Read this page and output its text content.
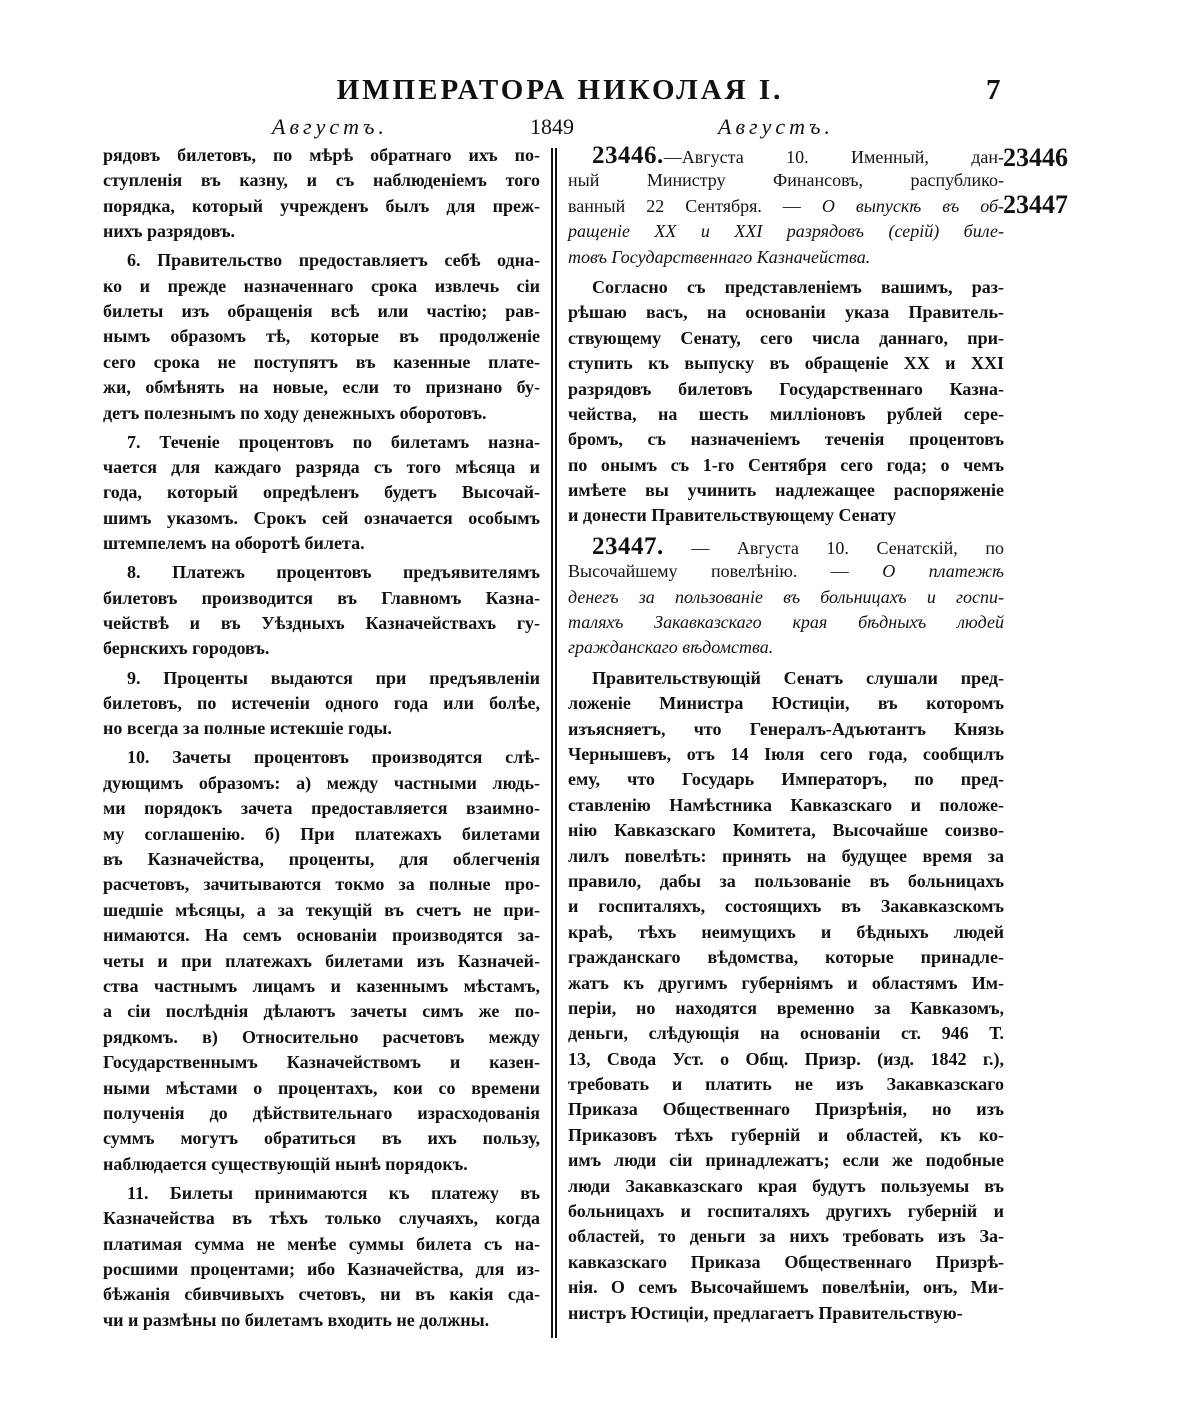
ИМПЕРАТОРА НИКОЛАЯ I.	7
Августъ.	1849	Августъ.
23446
23447
рядовъ билетовъ, по мѣрѣ обратнаго ихъ по-
ступленія въ казну, и съ наблюденіемъ того
порядка, который учрежденъ былъ для преж-
нихъ разрядовъ.
6. Правительство предоставляетъ себѣ одна-
ко и прежде назначеннаго срока извлечь сіи
билеты изъ обращенія всѣ или частію; рав-
нымъ образомъ тѣ, которые въ продолженіе
сего срока не поступятъ въ казенные плате-
жи, обмѣнять на новые, если то признано бу-
детъ полезнымъ по ходу денежныхъ оборотовъ.
7. Теченіе процентовъ по билетамъ назна-
чается для каждаго разряда съ того мѣсяца и
года, который опредѣленъ будетъ Высочай-
шимъ указомъ. Срокъ сей означается особымъ
штемпелемъ на оборотѣ билета.
8. Платежъ процентовъ предъявителямъ
билетовъ производится въ Главномъ Казна-
чействѣ и въ Уѣздныхъ Казначействахъ гу-
бернскихъ городовъ.
9. Проценты выдаются при предъявленіи
билетовъ, по истеченіи одного года или болѣе,
но всегда за полные истекшіе годы.
10. Зачеты процентовъ производятся слѣ-
дующимъ образомъ: а) между частными людь-
ми порядокъ зачета предоставляется взаимно-
му соглашенію. б) При платежахъ билетами
въ Казначейства, проценты, для облегченія
расчетовъ, зачитываются токмо за полные про-
шедшіе мѣсяцы, а за текущій въ счетъ не при-
нимаются. На семъ основаніи производятся за-
четы и при платежахъ билетами изъ Казначей-
ства частнымъ лицамъ и казеннымъ мѣстамъ,
а сіи послѣднія дѣлаютъ зачеты симъ же по-
рядкомъ. в) Относительно расчетовъ между
Государственнымъ Казначействомъ и казен-
ными мѣстами о процентахъ, кои со времени
полученія до дѣйствительнаго израсходованія
суммъ могутъ обратиться въ ихъ пользу,
наблюдается существующій нынѣ порядокъ.
11. Билеты принимаются къ платежу въ
Казначейства въ тѣхъ только случаяхъ, когда
платимая сумма не менѣе суммы билета съ на-
росшими процентами; ибо Казначейства, для из-
бѣжанія сбивчивыхъ счетовъ, ни въ какія сда-
чи и размѣны по билетамъ входить не должны.
23446.—Августа 10. Именный, дан-
ный Министру Финансовъ, распублико-
ванный 22 Сентября. — О выпускѣ въ об-
ращеніе XX и XXI разрядовъ (серій) биле-
товъ Государственнаго Казначейства.
Согласно съ представленіемъ вашимъ, раз-
рѣшаю васъ, на основаніи указа Правитель-
ствующему Сенату, сего числа даннаго, при-
ступить къ выпуску въ обращеніе XX и XXI
разрядовъ билетовъ Государственнаго Казна-
чейства, на шесть милліоновъ рублей сере-
бромъ, съ назначеніемъ теченія процентовъ
по онымъ съ 1-го Сентября сего года; о чемъ
имѣете вы учинить надлежащее распоряженіе
и донести Правительствующему Сенату
23447. — Августа 10. Сенатскій, по
Высочайшему повелѣнію. — О платежѣ
денегъ за пользованіе въ больницахъ и госпи-
таляхъ Закавказскаго края бѣдныхъ людей
гражданскаго вѣдомства.
Правительствующій Сенатъ слушали пред-
ложеніе Министра Юстиціи, въ которомъ
изъясняетъ, что Генералъ-Адъютантъ Князь
Чернышевъ, отъ 14 Іюля сего года, сообщилъ
ему, что Государь Императоръ, по пред-
ставленію Намѣстника Кавказскаго и положе-
нію Кавказскаго Комитета, Высочайше соизво-
лилъ повелѣть: принять на будущее время за
правило, дабы за пользованіе въ больницахъ
и госпиталяхъ, состоящихъ въ Закавказскомъ
краѣ, тѣхъ неимущихъ и бѣдныхъ людей
гражданскаго вѣдомства, которые принадле-
жатъ къ другимъ губерніямъ и областямъ Им-
періи, но находятся временно за Кавказомъ,
деньги, слѣдующія на основаніи ст. 946 Т.
13, Свода Уст. о Общ. Призр. (изд. 1842 г.),
требовать и платить не изъ Закавказскаго
Приказа Общественнаго Призрѣнія, но изъ
Приказовъ тѣхъ губерній и областей, къ ко-
имъ люди сіи принадлежатъ; если же подобные
люди Закавказскаго края будутъ пользуемы въ
больницахъ и госпиталяхъ другихъ губерній и
областей, то деньги за нихъ требовать изъ За-
кавказскаго Приказа Общественнаго Призрѣ-
нія. О семъ Высочайшемъ повелѣніи, онъ, Ми-
нистръ Юстиціи, предлагаетъ Правительствую-
